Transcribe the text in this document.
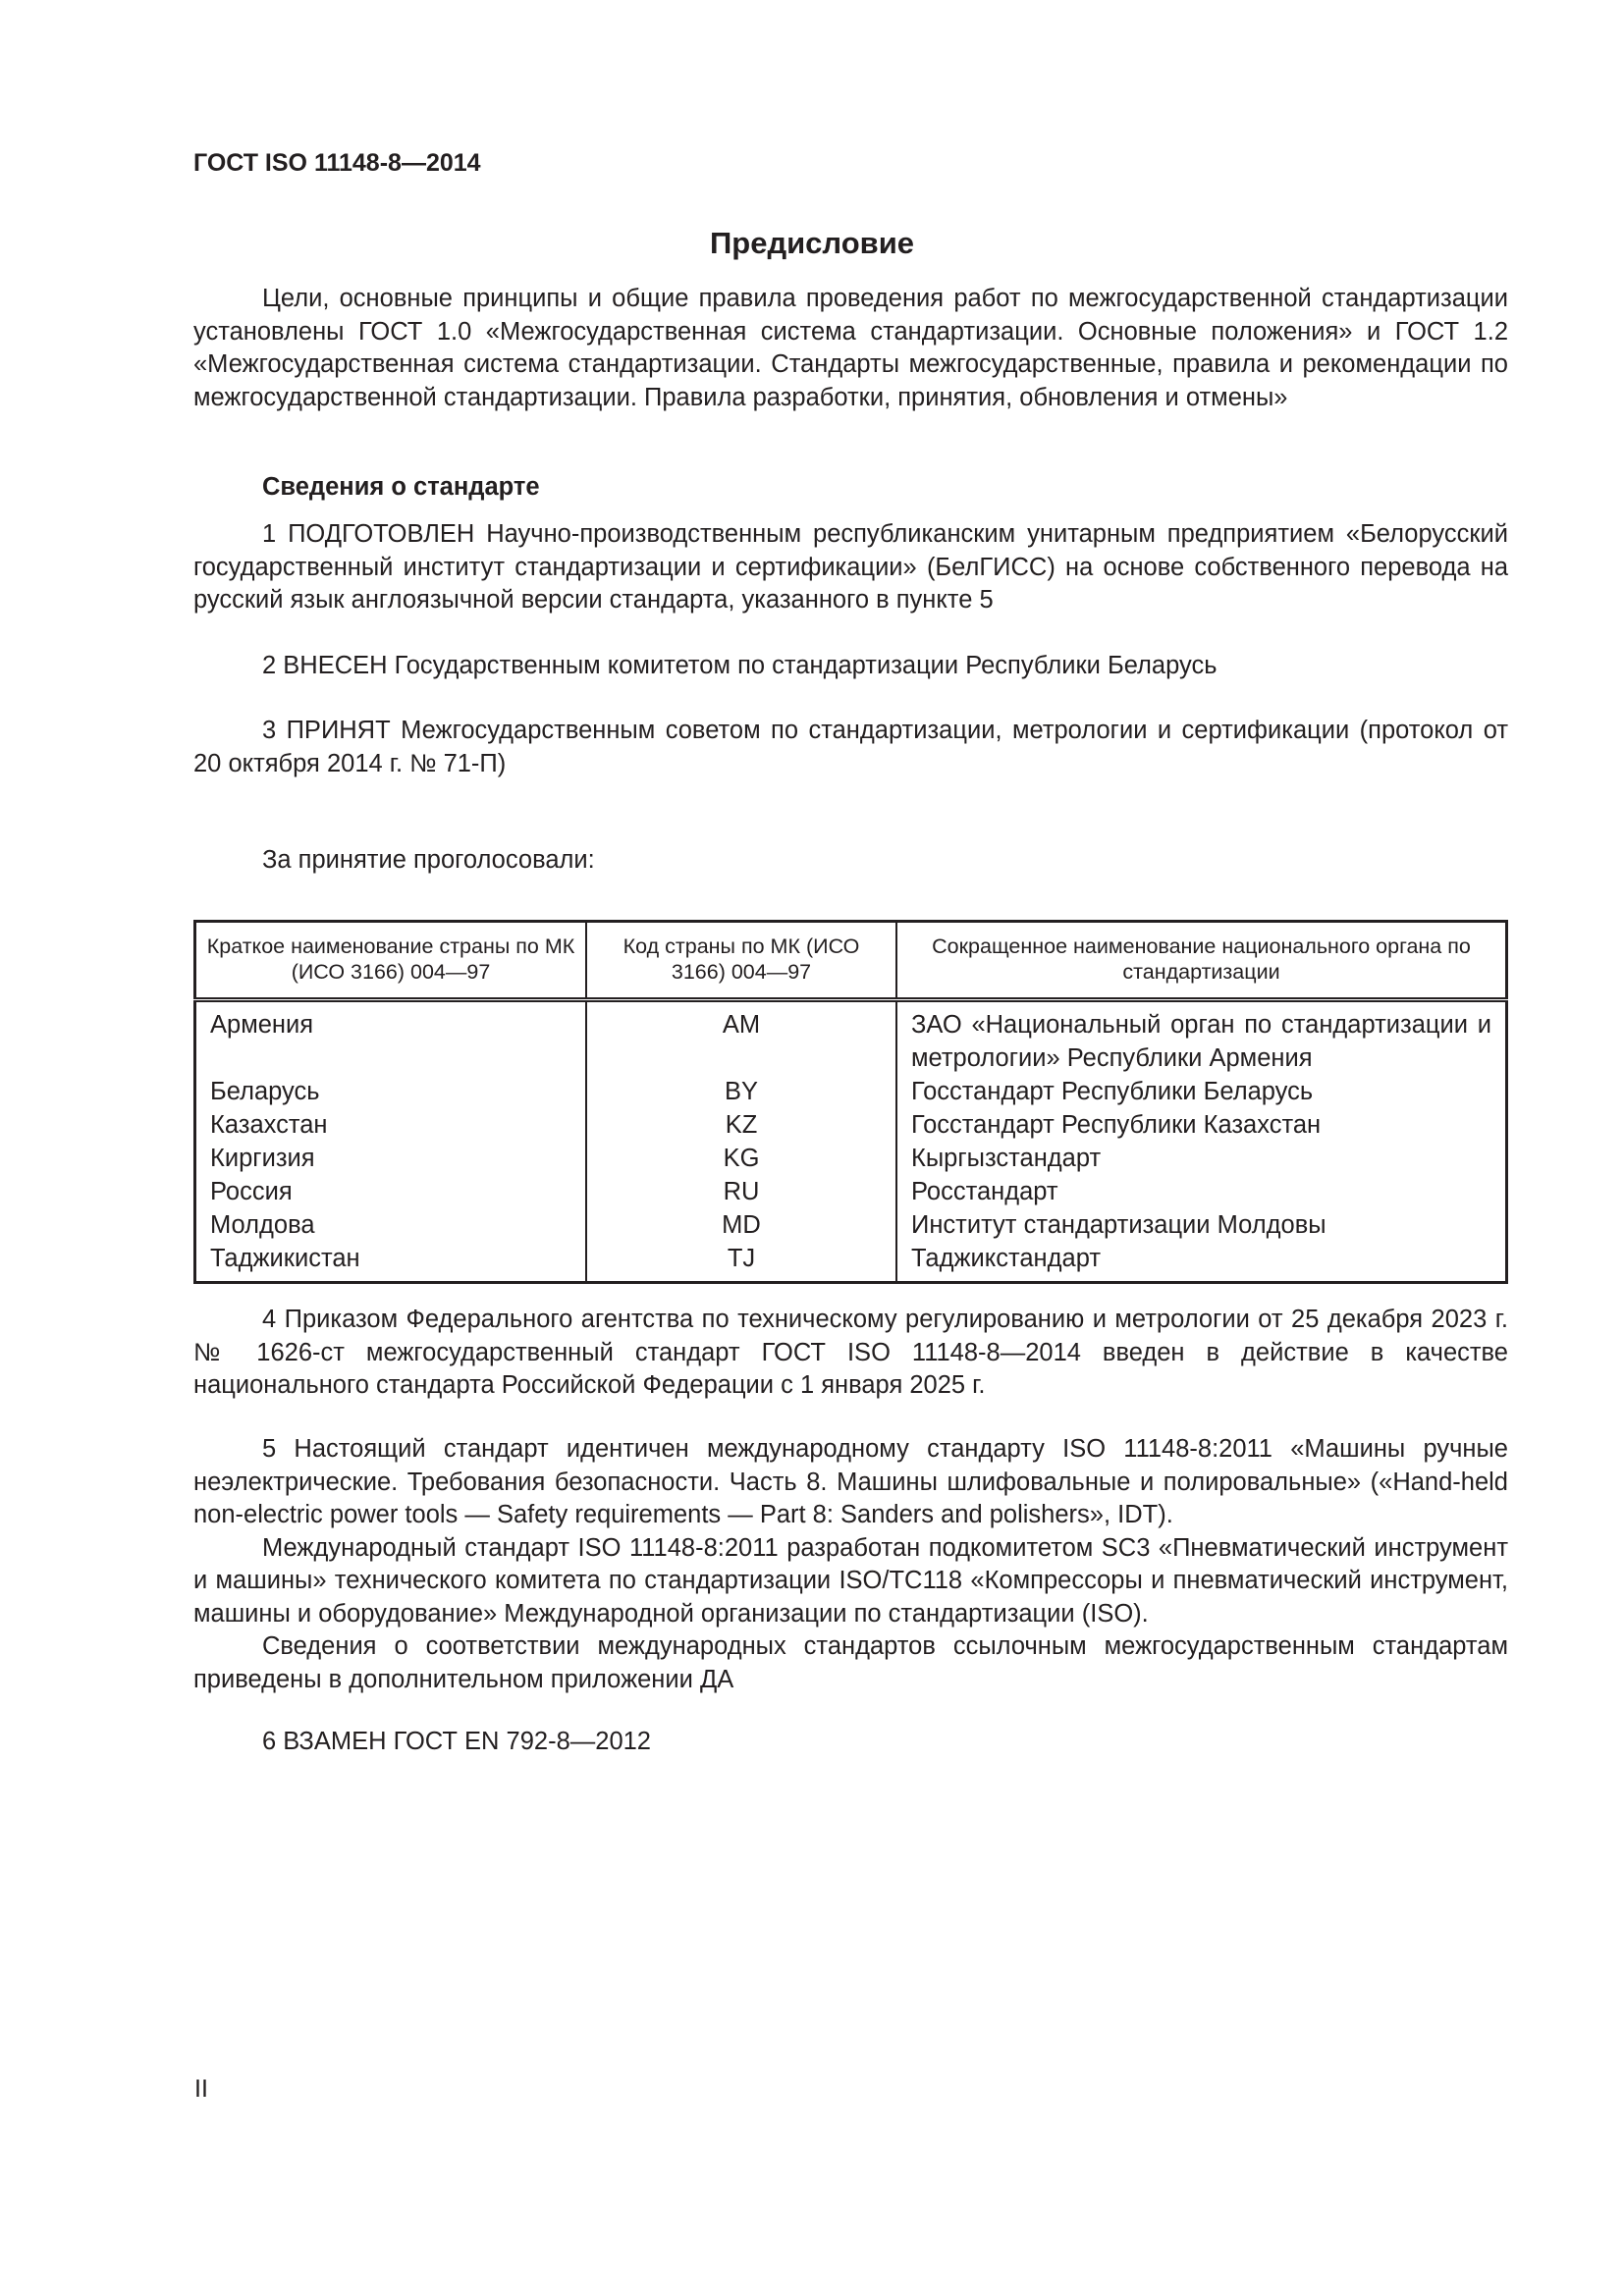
ГОСТ ISO 11148-8—2014
Предисловие

Цели, основные принципы и общие правила проведения работ по межгосударственной стандартизации установлены ГОСТ 1.0 «Межгосударственная система стандартизации. Основные положения» и ГОСТ 1.2 «Межгосударственная система стандартизации. Стандарты межгосударственные, правила и рекомендации по межгосударственной стандартизации. Правила разработки, принятия, обновления и отмены»

Сведения о стандарте

1 ПОДГОТОВЛЕН Научно-производственным республиканским унитарным предприятием «Белорусский государственный институт стандартизации и сертификации» (БелГИСС) на основе собственного перевода на русский язык англоязычной версии стандарта, указанного в пункте 5

2 ВНЕСЕН Государственным комитетом по стандартизации Республики Беларусь

3 ПРИНЯТ Межгосударственным советом по стандартизации, метрологии и сертификации (протокол от 20 октября 2014 г. № 71-П)

За принятие проголосовали:
Краткое наименование страны по МК (ИСО 3166) 004—97	Код страны по МК (ИСО 3166) 004—97	Сокращенное наименование национального органа по стандартизации
Армения	AM	ЗАО «Национальный орган по стандартизации и метрологии» Республики Армения
Беларусь	BY	Госстандарт Республики Беларусь
Казахстан	KZ	Госстандарт Республики Казахстан
Киргизия	KG	Кыргызстандарт
Россия	RU	Росстандарт
Молдова	MD	Институт стандартизации Молдовы
Таджикистан	TJ	Таджикстандарт

4 Приказом Федерального агентства по техническому регулированию и метрологии от 25 декабря 2023 г. № 1626-ст межгосударственный стандарт ГОСТ ISO 11148-8—2014 введен в действие в качестве национального стандарта Российской Федерации с 1 января 2025 г.

5 Настоящий стандарт идентичен международному стандарту ISO 11148-8:2011 «Машины ручные неэлектрические. Требования безопасности. Часть 8. Машины шлифовальные и полировальные» («Hand-held non-electric power tools — Safety requirements — Part 8: Sanders and polishers», IDT).

Международный стандарт ISO 11148-8:2011 разработан подкомитетом SC3 «Пневматический инструмент и машины» технического комитета по стандартизации ISO/TC118 «Компрессоры и пневматический инструмент, машины и оборудование» Международной организации по стандартизации (ISO).

Сведения о соответствии международных стандартов ссылочным межгосударственным стандартам приведены в дополнительном приложении ДА

6 ВЗАМЕН ГОСТ EN 792-8—2012

II
